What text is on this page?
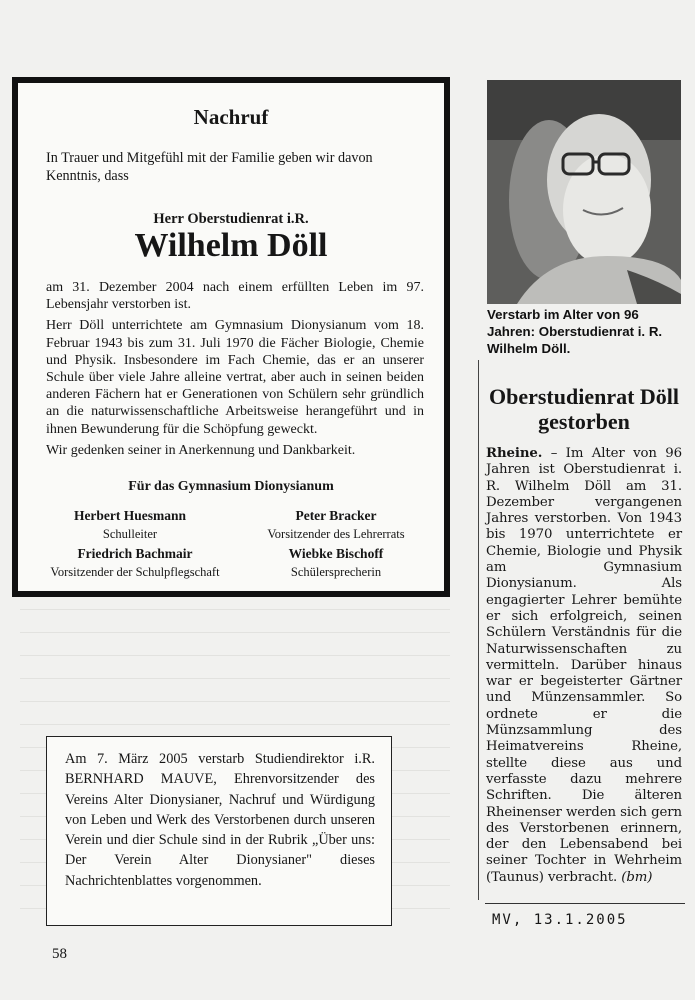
Nachruf
In Trauer und Mitgefühl mit der Familie geben wir davon Kenntnis, dass
Herr Oberstudienrat i.R.
Wilhelm Döll

am 31. Dezember 2004 nach einem erfüllten Leben im 97. Lebensjahr verstorben ist.

Herr Döll unterrichtete am Gymnasium Dionysianum vom 18. Februar 1943 bis zum 31. Juli 1970 die Fächer Biologie, Chemie und Physik. Insbesondere im Fach Chemie, das er an unserer Schule über viele Jahre alleine vertrat, aber auch in seinen beiden anderen Fächern hat er Generationen von Schülern sehr gründlich an die naturwissenschaftliche Arbeitsweise herangeführt und in ihnen Bewunderung für die Schöpfung geweckt.

Wir gedenken seiner in Anerkennung und Dankbarkeit.

Für das Gymnasium Dionysianum
Herbert Huesmann
Schulleiter
Peter Bracker
Vorsitzender des Lehrerrats
Friedrich Bachmair
Vorsitzender der Schulpflegschaft
Wiebke Bischoff
Schülersprecherin
Verstarb im Alter von 96 Jahren: Oberstudienrat i. R. Wilhelm Döll.
Oberstudienrat Döll gestorben
Rheine. – Im Alter von 96 Jahren ist Oberstudienrat i. R. Wilhelm Döll am 31. Dezember vergangenen Jahres verstorben. Von 1943 bis 1970 unterrichtete er Chemie, Biologie und Physik am Gymnasium Dionysianum. Als engagierter Lehrer bemühte er sich erfolgreich, seinen Schülern Verständnis für die Naturwissenschaften zu vermitteln. Darüber hinaus war er begeisterter Gärtner und Münzensammler. So ordnete er die Münzsammlung des Heimatvereins Rheine, stellte diese aus und verfasste dazu mehrere Schriften. Die älteren Rheinenser werden sich gern des Verstorbenen erinnern, der den Lebensabend bei seiner Tochter in Wehrheim (Taunus) verbracht. (bm)
MV, 13.1.2005
Am 7. März 2005 verstarb Studiendirektor i.R. BERNHARD MAUVE, Ehrenvorsitzender des Vereins Alter Dionysianer, Nachruf und Würdigung von Leben und Werk des Verstorbenen durch unseren Verein und dier Schule sind in der Rubrik „Über uns: Der Verein Alter Dionysianer" dieses Nachrichtenblattes vorgenommen.
58
